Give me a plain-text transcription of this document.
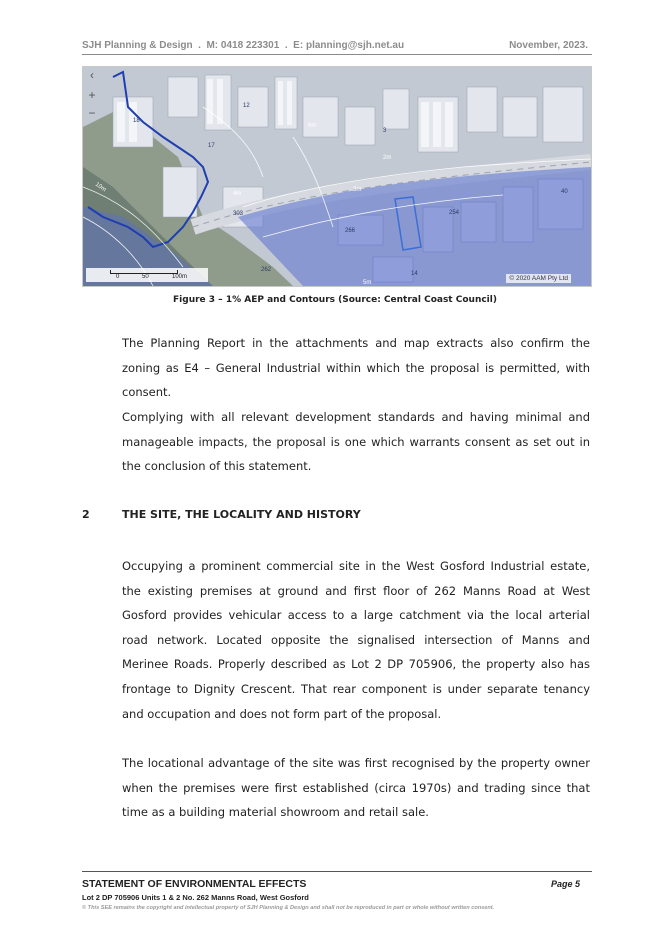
SJH Planning & Design  .  M: 0418 223301  .  E: planning@sjh.net.au	November, 2023.
10m
2m
3m
4m
5m
6m
266
262
254
14
18
17
12
3
303
40
‹
+
−
0	50	100m	© 2020 AAM Pty Ltd
Figure 3 – 1% AEP and Contours (Source: Central Coast Council)
The Planning Report in the attachments and map extracts also confirm the zoning as E4 – General Industrial within which the proposal is permitted, with consent.
Complying with all relevant development standards and having minimal and manageable impacts, the proposal is one which warrants consent as set out in the conclusion of this statement.
2	THE SITE, THE LOCALITY AND HISTORY
Occupying a prominent commercial site in the West Gosford Industrial estate, the existing premises at ground and first floor of 262 Manns Road at West Gosford provides vehicular access to a large catchment via the local arterial road network. Located opposite the signalised intersection of Manns and Merinee Roads. Properly described as Lot 2 DP 705906, the property also has frontage to Dignity Crescent. That rear component is under separate tenancy and occupation and does not form part of the proposal.
The locational advantage of the site was first recognised by the property owner when the premises were first established (circa 1970s) and trading since that time as a building material showroom and retail sale.
STATEMENT OF ENVIRONMENTAL EFFECTS	Page 5
Lot 2 DP 705906 Units 1 & 2 No. 262 Manns Road, West Gosford
© This SEE remains the copyright and intellectual property of SJH Planning & Design and shall not be reproduced in part or whole without written consent.
